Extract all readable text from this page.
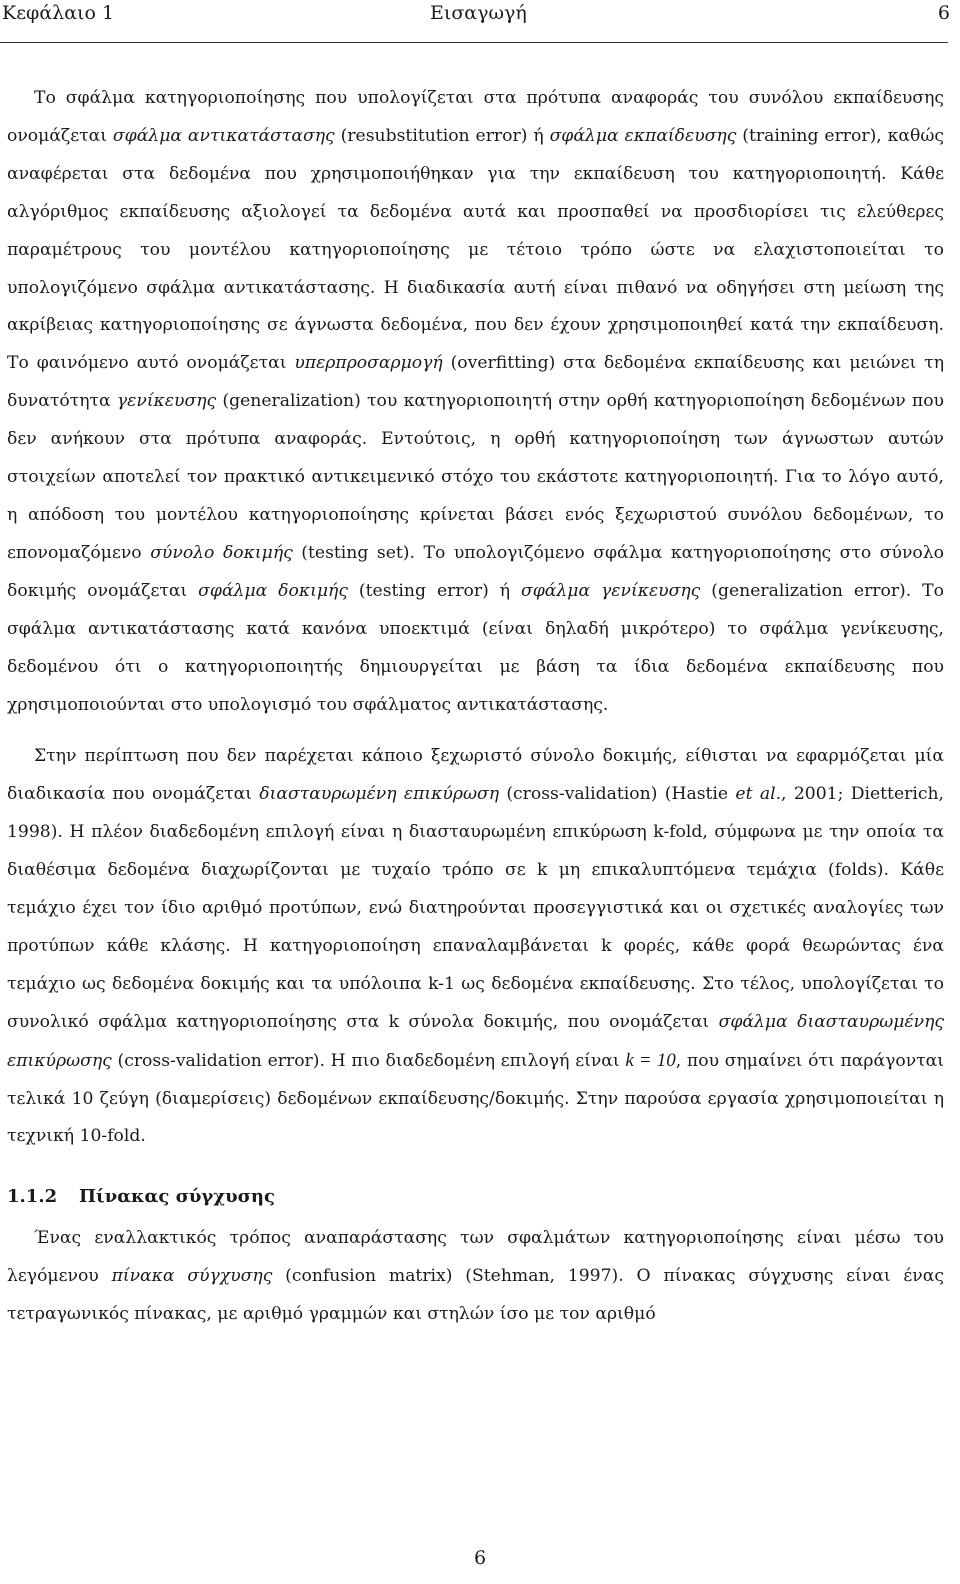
Κεφάλαιο 1	Εισαγωγή	6

Το σφάλμα κατηγοριοποίησης που υπολογίζεται στα πρότυπα αναφοράς του συνόλου εκπαίδευσης ονομάζεται σφάλμα αντικατάστασης (resubstitution error) ή σφάλμα εκπαίδευσης (training error), καθώς αναφέρεται στα δεδομένα που χρησιμοποιήθηκαν για την εκπαίδευση του κατηγοριοποιητή. Κάθε αλγόριθμος εκπαίδευσης αξιολογεί τα δεδομένα αυτά και προσπαθεί να προσδιορίσει τις ελεύθερες παραμέτρους του μοντέλου κατηγοριοποίησης με τέτοιο τρόπο ώστε να ελαχιστοποιείται το υπολογιζόμενο σφάλμα αντικατάστασης. Η διαδικασία αυτή είναι πιθανό να οδηγήσει στη μείωση της ακρίβειας κατηγοριοποίησης σε άγνωστα δεδομένα, που δεν έχουν χρησιμοποιηθεί κατά την εκπαίδευση. Το φαινόμενο αυτό ονομάζεται υπερπροσαρμογή (overfitting) στα δεδομένα εκπαίδευσης και μειώνει τη δυνατότητα γενίκευσης (generalization) του κατηγοριοποιητή στην ορθή κατηγοριοποίηση δεδομένων που δεν ανήκουν στα πρότυπα αναφοράς. Εντούτοις, η ορθή κατηγοριοποίηση των άγνωστων αυτών στοιχείων αποτελεί τον πρακτικό αντικειμενικό στόχο του εκάστοτε κατηγοριοποιητή. Για το λόγο αυτό, η απόδοση του μοντέλου κατηγοριοποίησης κρίνεται βάσει ενός ξεχωριστού συνόλου δεδομένων, το επονομαζόμενο σύνολο δοκιμής (testing set). Το υπολογιζόμενο σφάλμα κατηγοριοποίησης στο σύνολο δοκιμής ονομάζεται σφάλμα δοκιμής (testing error) ή σφάλμα γενίκευσης (generalization error). Το σφάλμα αντικατάστασης κατά κανόνα υποεκτιμά (είναι δηλαδή μικρότερο) το σφάλμα γενίκευσης, δεδομένου ότι ο κατηγοριοποιητής δημιουργείται με βάση τα ίδια δεδομένα εκπαίδευσης που χρησιμοποιούνται στο υπολογισμό του σφάλματος αντικατάστασης.

Στην περίπτωση που δεν παρέχεται κάποιο ξεχωριστό σύνολο δοκιμής, είθισται να εφαρμόζεται μία διαδικασία που ονομάζεται διασταυρωμένη επικύρωση (cross-validation) (Hastie et al., 2001; Dietterich, 1998). Η πλέον διαδεδομένη επιλογή είναι η διασταυρωμένη επικύρωση k-fold, σύμφωνα με την οποία τα διαθέσιμα δεδομένα διαχωρίζονται με τυχαίο τρόπο σε k μη επικαλυπτόμενα τεμάχια (folds). Κάθε τεμάχιο έχει τον ίδιο αριθμό προτύπων, ενώ διατηρούνται προσεγγιστικά και οι σχετικές αναλογίες των προτύπων κάθε κλάσης. Η κατηγοριοποίηση επαναλαμβάνεται k φορές, κάθε φορά θεωρώντας ένα τεμάχιο ως δεδομένα δοκιμής και τα υπόλοιπα k-1 ως δεδομένα εκπαίδευσης. Στο τέλος, υπολογίζεται το συνολικό σφάλμα κατηγοριοποίησης στα k σύνολα δοκιμής, που ονομάζεται σφάλμα διασταυρωμένης επικύρωσης (cross-validation error). Η πιο διαδεδομένη επιλογή είναι k = 10, που σημαίνει ότι παράγονται τελικά 10 ζεύγη (διαμερίσεις) δεδομένων εκπαίδευσης/δοκιμής. Στην παρούσα εργασία χρησιμοποιείται η τεχνική 10-fold.

1.1.2 Πίνακας σύγχυσης

Ένας εναλλακτικός τρόπος αναπαράστασης των σφαλμάτων κατηγοριοποίησης είναι μέσω του λεγόμενου πίνακα σύγχυσης (confusion matrix) (Stehman, 1997). Ο πίνακας σύγχυσης είναι ένας τετραγωνικός πίνακας, με αριθμό γραμμών και στηλών ίσο με τον αριθμό

6
